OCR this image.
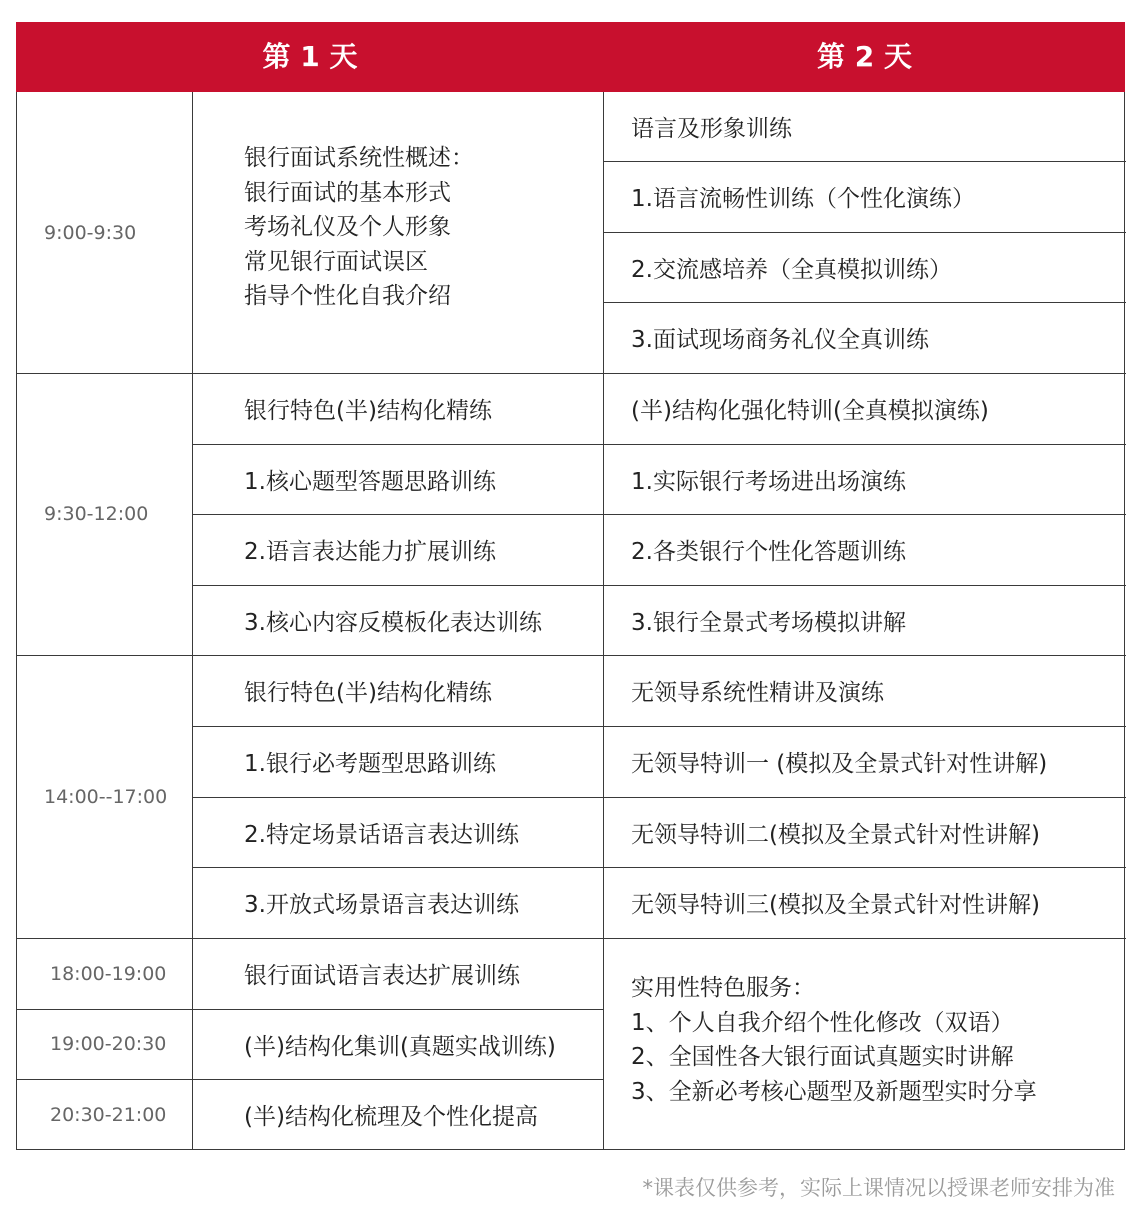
第 1 天	第 2 天
9:00-9:30
银行面试系统性概述：
银行面试的基本形式
考场礼仪及个人形象
常见银行面试误区
指导个性化自我介绍
语言及形象训练
1.语言流畅性训练（个性化演练）
2.交流感培养（全真模拟训练）
3.面试现场商务礼仪全真训练
9:30-12:00
银行特色(半)结构化精练
1.核心题型答题思路训练
2.语言表达能力扩展训练
3.核心内容反模板化表达训练
(半)结构化强化特训(全真模拟演练)
1.实际银行考场进出场演练
2.各类银行个性化答题训练
3.银行全景式考场模拟讲解
14:00--17:00
银行特色(半)结构化精练
1.银行必考题型思路训练
2.特定场景话语言表达训练
3.开放式场景语言表达训练
无领导系统性精讲及演练
无领导特训一 (模拟及全景式针对性讲解)
无领导特训二(模拟及全景式针对性讲解)
无领导特训三(模拟及全景式针对性讲解)
18:00-19:00
19:00-20:30
20:30-21:00
银行面试语言表达扩展训练
(半)结构化集训(真题实战训练)
(半)结构化梳理及个性化提高
实用性特色服务：
1、个人自我介绍个性化修改（双语）
2、全国性各大银行面试真题实时讲解
3、全新必考核心题型及新题型实时分享
*课表仅供参考，实际上课情况以授课老师安排为准
